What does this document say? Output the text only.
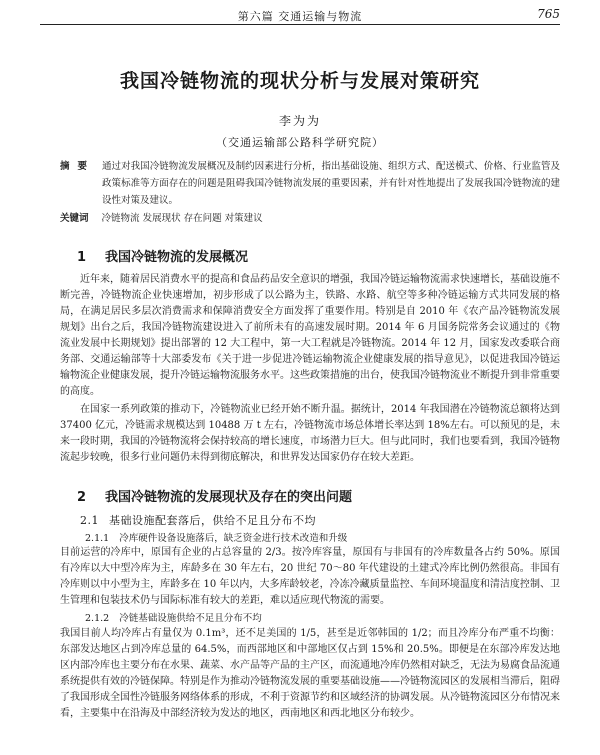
第六篇 交通运输与物流	765
我国冷链物流的现状分析与发展对策研究
李为为
（交通运输部公路科学研究院）
摘要 通过对我国冷链物流发展概况及制约因素进行分析，指出基础设施、组织方式、配送模式、价格、行业监管及政策标准等方面存在的问题是阻碍我国冷链物流发展的重要因素，并有针对性地提出了发展我国冷链物流的建设性对策及建议。
关键词 冷链物流 发展现状 存在问题 对策建议
1 我国冷链物流的发展概况
近年来，随着居民消费水平的提高和食品药品安全意识的增强，我国冷链运输物流需求快速增长，基础设施不断完善，冷链物流企业快速增加，初步形成了以公路为主，铁路、水路、航空等多种冷链运输方式共同发展的格局，在满足居民多层次消费需求和保障消费安全方面发挥了重要作用。特别是自 2010 年《农产品冷链物流发展规划》出台之后，我国冷链物流建设进入了前所未有的高速发展时期。2014 年 6 月国务院常务会议通过的《物流业发展中长期规划》提出部署的 12 大工程中，第一大工程就是冷链物流。2014 年 12 月，国家发改委联合商务部、交通运输部等十大部委发布《关于进一步促进冷链运输物流企业健康发展的指导意见》，以促进我国冷链运输物流企业健康发展，提升冷链运输物流服务水平。这些政策措施的出台，使我国冷链物流业不断提升到非常重要的高度。
在国家一系列政策的推动下，冷链物流业已经开始不断升温。据统计，2014 年我国潜在冷链物流总额将达到 37400 亿元，冷链需求规模达到 10488 万 t 左右，冷链物流市场总体增长率达到 18%左右。可以预见的是，未来一段时期，我国的冷链物流将会保持较高的增长速度，市场潜力巨大。但与此同时，我们也要看到，我国冷链物流起步较晚，很多行业问题仍未得到彻底解决，和世界发达国家仍存在较大差距。
2 我国冷链物流的发展现状及存在的突出问题
2.1 基础设施配套落后，供给不足且分布不均
2.1.1 冷库硬件设备设施落后，缺乏资金进行技术改造和升级
目前运营的冷库中，原国有企业的占总容量的 2/3。按冷库容量，原国有与非国有的冷库数量各占约 50%。原国有冷库以大中型冷库为主，库龄多在 30 年左右，20 世纪 70～80 年代建设的土建式冷库比例仍然很高。非国有冷库则以中小型为主，库龄多在 10 年以内，大多库龄较老，冷冻冷藏质量监控、车间环境温度和清洁度控制、卫生管理和包装技术仍与国际标准有较大的差距，难以适应现代物流的需要。
2.1.2 冷链基础设施供给不足且分布不均
我国目前人均冷库占有量仅为 0.1m³，还不足美国的 1/5，甚至是近邻韩国的 1/2；而且冷库分布严重不均衡：东部发达地区占到冷库总量的 64.5%，而西部地区和中部地区仅占到 15%和 20.5%。即便是在东部冷库发达地区内部冷库也主要分布在水果、蔬菜、水产品等产品的主产区，而流通地冷库仍然相对缺乏，无法为易腐食品流通系统提供有效的冷链保障。特别是作为推动冷链物流发展的重要基础设施——冷链物流园区的发展相当滞后，阻碍了我国形成全国性冷链服务网络体系的形成，不利于资源节约和区域经济的协调发展。从冷链物流园区分布情况来看，主要集中在沿海及中部经济较为发达的地区，西南地区和西北地区分布较少。
